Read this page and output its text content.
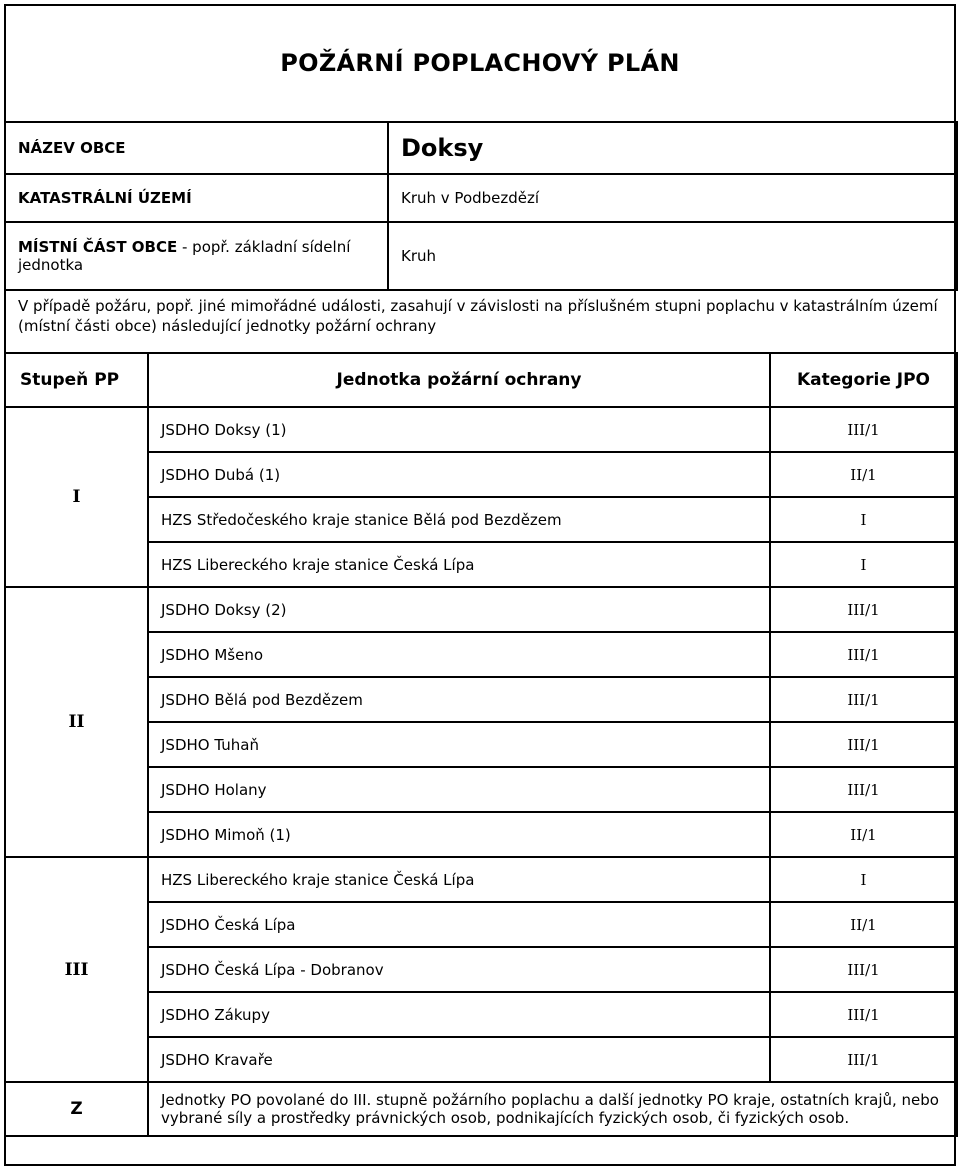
POŽÁRNÍ POPLACHOVÝ PLÁN
NÁZEV OBCE	Doksy
KATASTRÁLNÍ ÚZEMÍ	Kruh v Podbezdězí
MÍSTNÍ ČÁST OBCE - popř. základní sídelní jednotka	Kruh
V případě požáru, popř. jiné mimořádné události, zasahují v závislosti na příslušném stupni poplachu v katastrálním území (místní části obce) následující jednotky požární ochrany
Stupeň PP	Jednotka požární ochrany	Kategorie JPO
I	JSDHO Doksy (1)	III/1
	JSDHO Dubá (1)	II/1
	HZS Středočeského kraje stanice Bělá pod Bezdězem	I
	HZS Libereckého kraje stanice Česká Lípa	I
II	JSDHO Doksy (2)	III/1
	JSDHO Mšeno	III/1
	JSDHO Bělá pod Bezdězem	III/1
	JSDHO Tuhaň	III/1
	JSDHO Holany	III/1
	JSDHO Mimoň (1)	II/1
III	HZS Libereckého kraje stanice Česká Lípa	I
	JSDHO Česká Lípa	II/1
	JSDHO Česká Lípa - Dobranov	III/1
	JSDHO Zákupy	III/1
	JSDHO Kravaře	III/1
Z	Jednotky PO povolané do III. stupně požárního poplachu a další jednotky PO kraje, ostatních krajů, nebo vybrané síly a prostředky právnických osob, podnikajících fyzických osob, či fyzických osob.	
